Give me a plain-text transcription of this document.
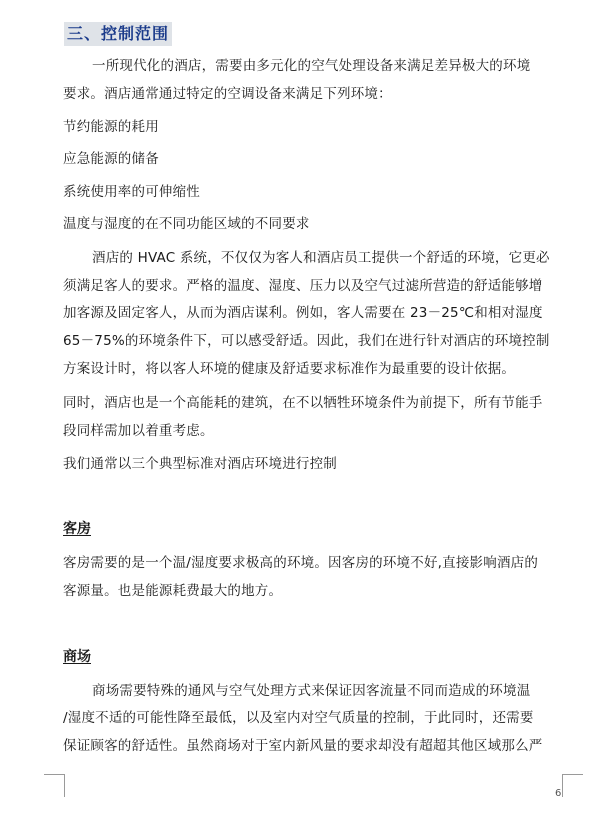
三、控制范围
一所现代化的酒店，需要由多元化的空气处理设备来满足差异极大的环境
要求。酒店通常通过特定的空调设备来满足下列环境：
节约能源的耗用
应急能源的储备
系统使用率的可伸缩性
温度与湿度的在不同功能区域的不同要求
酒店的 HVAC 系统，不仅仅为客人和酒店员工提供一个舒适的环境，它更必
须满足客人的要求。严格的温度、湿度、压力以及空气过滤所营造的舒适能够增
加客源及固定客人，从而为酒店谋利。例如，客人需要在 23－25℃和相对湿度
65－75%的环境条件下，可以感受舒适。因此，我们在进行针对酒店的环境控制
方案设计时，将以客人环境的健康及舒适要求标准作为最重要的设计依据。
同时，酒店也是一个高能耗的建筑，在不以牺牲环境条件为前提下，所有节能手
段同样需加以着重考虑。
我们通常以三个典型标准对酒店环境进行控制
客房
客房需要的是一个温/湿度要求极高的环境。因客房的环境不好,直接影响酒店的
客源量。也是能源耗费最大的地方。
商场
商场需要特殊的通风与空气处理方式来保证因客流量不同而造成的环境温
/湿度不适的可能性降至最低，以及室内对空气质量的控制，于此同时，还需要
保证顾客的舒适性。虽然商场对于室内新风量的要求却没有超超其他区域那么严
6
